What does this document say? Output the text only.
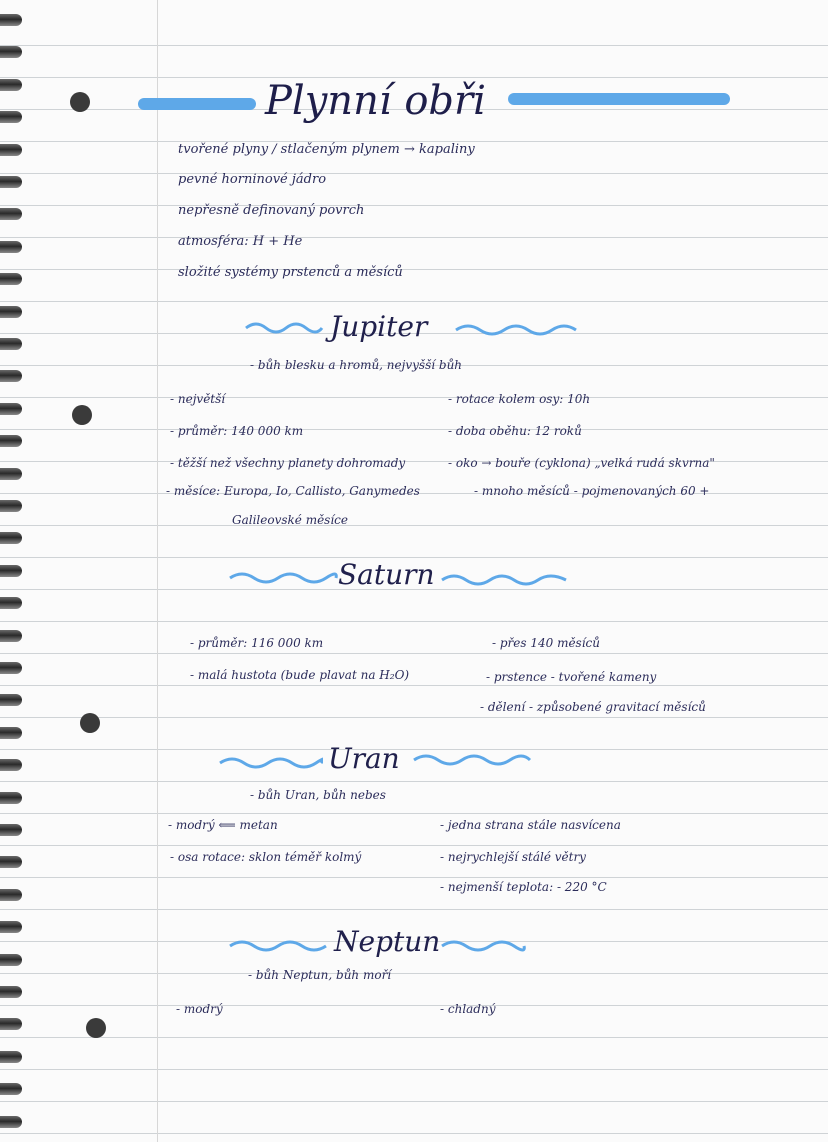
Plynní obři
tvořené plyny / stlačeným plynem → kapaliny
pevné horninové jádro
nepřesně definovaný povrch
atmosféra: H + He
složité systémy prstenců a měsíců
Jupiter
- bůh blesku a hromů, nejvyšší bůh
- největší
- průměr: 140 000 km
- těžší než všechny planety dohromady
- měsíce: Europa, Io, Callisto, Ganymedes
Galileovské měsíce
- rotace kolem osy: 10h
- doba oběhu: 12 roků
- oko → bouře (cyklona) „velká rudá skvrna"
- mnoho měsíců - pojmenovaných 60 +
Saturn
- průměr: 116 000 km
- malá hustota (bude plavat na H₂O)
- přes 140 měsíců
- prstence - tvořené kameny
- dělení - způsobené gravitací měsíců
Uran
- bůh Uran, bůh nebes
- modrý ⟸ metan
- osa rotace: sklon téměř kolmý
- jedna strana stále nasvícena
- nejrychlejší stálé větry
- nejmenší teplota: - 220 °C
Neptun
- bůh Neptun, bůh moří
- modrý	- chladný
